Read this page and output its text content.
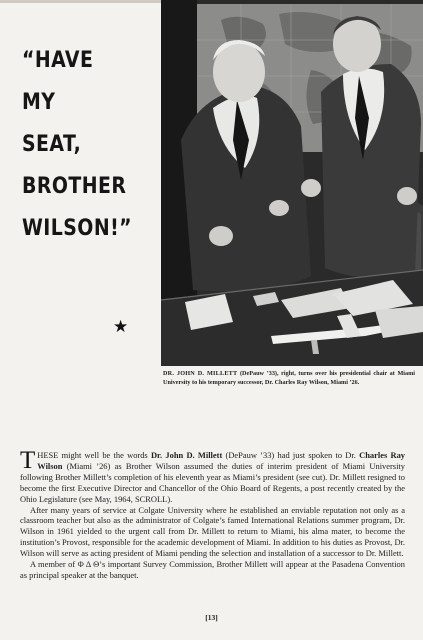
“HAVE
MY
SEAT,
BROTHER
WILSON!”
★
DR. JOHN D. MILLETT (DePauw ’33), right, turns over his presidential chair at Miami University to his temporary successor, Dr. Charles Ray Wilson, Miami ’26.

THESE might well be the words Dr. John D. Millett (DePauw ’33) had just spoken to Dr. Charles Ray Wilson (Miami ’26) as Brother Wilson assumed the duties of interim president of Miami University following Brother Millett’s completion of his eleventh year as Miami’s president (see cut). Dr. Millett resigned to become the first Executive Director and Chancellor of the Ohio Board of Regents, a post recently created by the Ohio Legislature (see May, 1964, SCROLL).

After many years of service at Colgate University where he established an enviable reputation not only as a classroom teacher but also as the administrator of Colgate’s famed International Relations summer program, Dr. Wilson in 1961 yielded to the urgent call from Dr. Millett to return to Miami, his alma mater, to become the institution’s Provost, responsible for the academic development of Miami. In addition to his duties as Provost, Dr. Wilson will serve as acting president of Miami pending the selection and installation of a successor to Dr. Millett.

A member of Φ Δ Θ’s important Survey Commission, Brother Millett will appear at the Pasadena Convention as principal speaker at the banquet.

[13]
